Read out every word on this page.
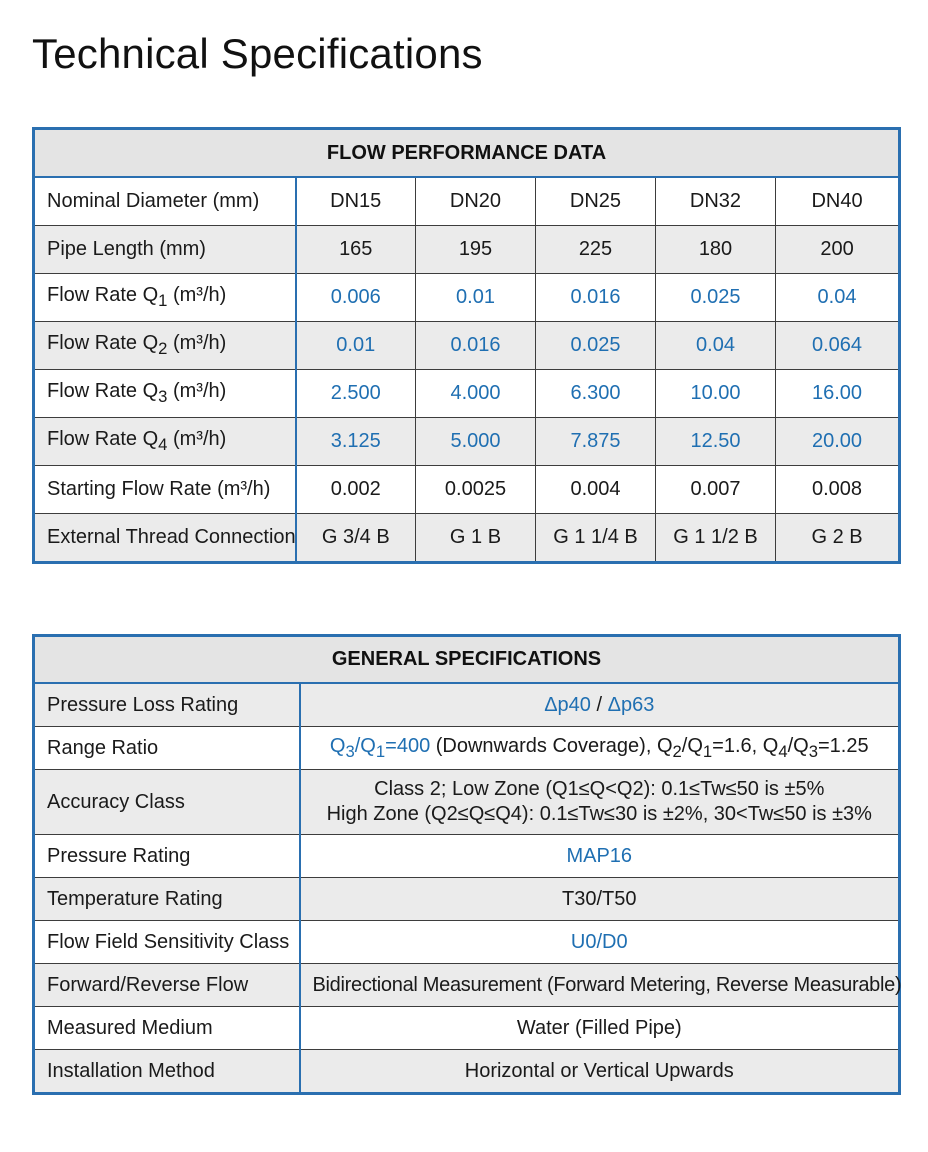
Technical Specifications
FLOW PERFORMANCE DATA					
Nominal Diameter (mm)	DN15	DN20	DN25	DN32	DN40
Pipe Length (mm)	165	195	225	180	200
Flow Rate $Q_1$ (m³/h)	0.006	0.01	0.016	0.025	0.04
Flow Rate $Q_2$ (m³/h)	0.01	0.016	0.025	0.04	0.064
Flow Rate $Q_3$ (m³/h)	2.500	4.000	6.300	10.00	16.00
Flow Rate $Q_4$ (m³/h)	3.125	5.000	7.875	12.50	20.00
Starting Flow Rate (m³/h)	0.002	0.0025	0.004	0.007	0.008
External Thread Connection	G 3/4 B	G 1 B	G 1 1/4 B	G 1 1/2 B	G 2 B
GENERAL SPECIFICATIONS	
Pressure Loss Rating	Δp40 / Δp63
Range Ratio	$Q_3/Q_1=400$ (Downwards Coverage), $Q_2/Q_1=1.6$, $Q_4/Q_3=1.25$
Accuracy Class	Class 2; Low Zone (Q1≤Q<Q2): 0.1≤Tw≤50 is ±5%
High Zone (Q2≤Q≤Q4): 0.1≤Tw≤30 is ±2%, 30<Tw≤50 is ±3%

Pressure Rating	MAP16
Temperature Rating	T30/T50
Flow Field Sensitivity Class	U0/D0
Forward/Reverse Flow	Bidirectional Measurement (Forward Metering, Reverse Measurable)
Measured Medium	Water (Filled Pipe)
Installation Method	Horizontal or Vertical Upwards
